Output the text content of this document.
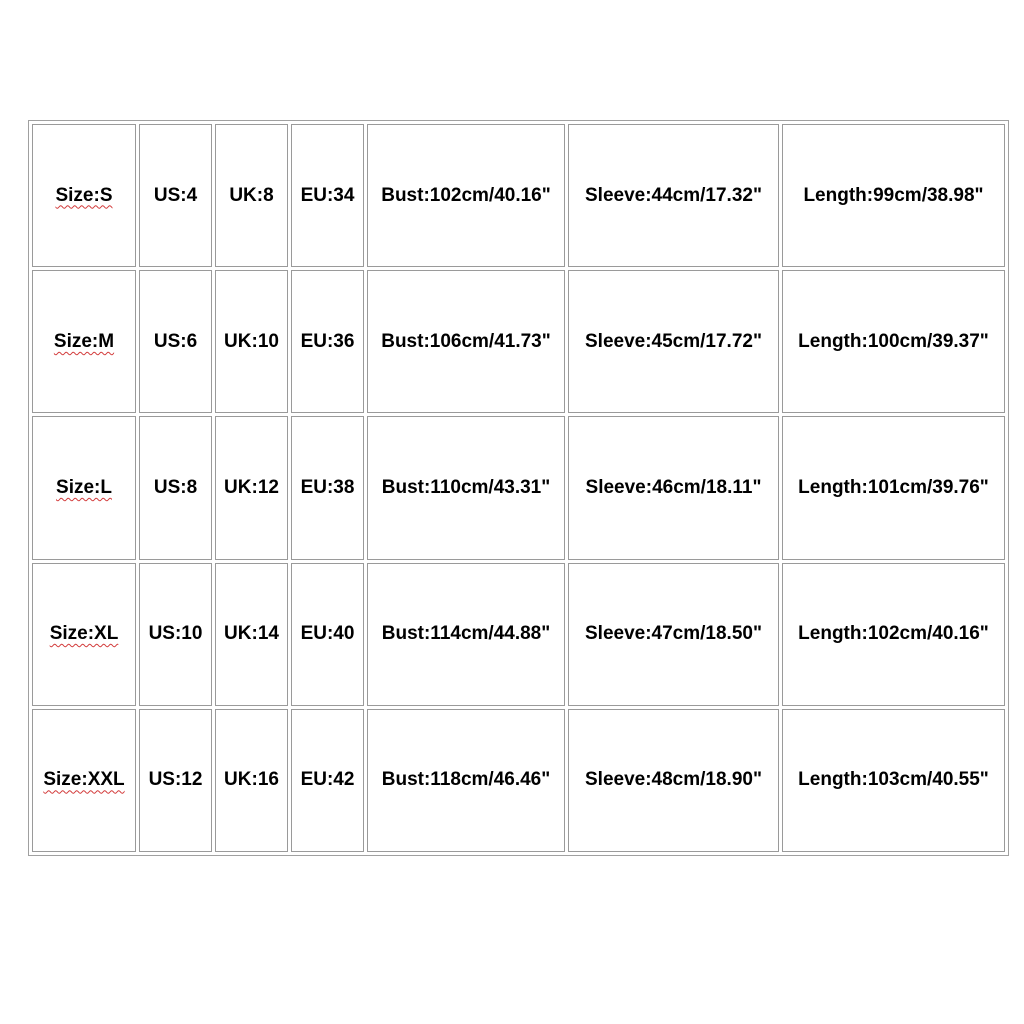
Size:S	US:4	UK:8	EU:34	Bust:102cm/40.16"	Sleeve:44cm/17.32"	Length:99cm/38.98"
Size:M	US:6	UK:10	EU:36	Bust:106cm/41.73"	Sleeve:45cm/17.72"	Length:100cm/39.37"
Size:L	US:8	UK:12	EU:38	Bust:110cm/43.31"	Sleeve:46cm/18.11"	Length:101cm/39.76"
Size:XL	US:10	UK:14	EU:40	Bust:114cm/44.88"	Sleeve:47cm/18.50"	Length:102cm/40.16"
Size:XXL	US:12	UK:16	EU:42	Bust:118cm/46.46"	Sleeve:48cm/18.90"	Length:103cm/40.55"
